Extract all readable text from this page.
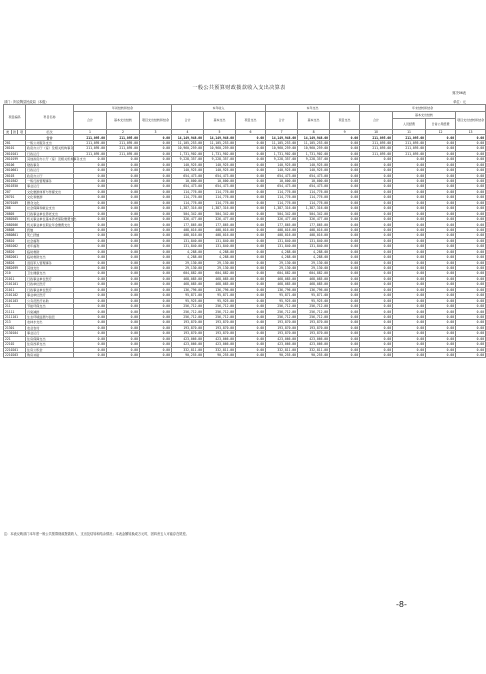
一般公共预算财政拨款收入支出决算表
财决06表
部门：阿克陶县民政局（本级）	单位：元
项目编码			科目名称	年初结转和结余			本年收入			本年支出			年末结转和结余			
				合计	基本支出结转	项目支出结转和结余	合计	基本支出	项目支出	合计	基本支出	项目支出	合计	基本支出结转		项目支出结转和结余
														人员经费	日常公用经费	
类	款	项	栏次	1	2	3	4	5	6	7	8	9	10	11	12	13
			合计	211,095.00	211,095.00	0.00	14,149,948.00	14,149,948.00	0.00	14,149,948.00	14,149,948.00	0.00	211,095.00	211,095.00	0.00	0.00
201			一般公共服务支出	211,095.00	211,095.00	0.00	11,105,253.00	11,105,253.00	0.00	11,105,253.00	11,105,253.00	0.00	211,095.00	211,095.00	0.00	0.00
20101			政府办公厅（室）及相关机构事务	211,095.00	211,095.00	0.00	10,960,259.00	10,960,259.00	0.00	10,960,259.00	10,960,259.00	0.00	211,095.00	211,095.00	0.00	0.00
2010101			行政运行	211,095.00	211,095.00	0.00	1,731,902.00	1,731,902.00	0.00	1,731,902.00	1,731,902.00	0.00	211,095.00	211,095.00	0.00	0.00
2010199			其他政府办公厅（室）及相关机构事务支出	0.00	0.00	0.00	9,228,357.00	9,228,357.00	0.00	9,228,357.00	9,228,357.00	0.00	0.00	0.00	0.00	0.00
20106			财政事务	0.00	0.00	0.00	140,925.00	140,925.00	0.00	140,925.00	140,925.00	0.00	0.00	0.00	0.00	0.00
2010601			行政运行	0.00	0.00	0.00	140,925.00	140,925.00	0.00	140,925.00	140,925.00	0.00	0.00	0.00	0.00	0.00
20103			政府办公厅	0.00	0.00	0.00	654,473.00	654,473.00	0.00	654,473.00	654,473.00	0.00	0.00	0.00	0.00	0.00
2010302			一般行政管理事务	0.00	0.00	0.00	10,000.00	10,000.00	0.00	10,000.00	10,000.00	0.00	0.00	0.00	0.00	0.00
2010350			事业运行	0.00	0.00	0.00	654,473.00	654,473.00	0.00	654,473.00	654,473.00	0.00	0.00	0.00	0.00	0.00
207			文化旅游体育与传媒支出	0.00	0.00	0.00	114,776.00	114,776.00	0.00	114,776.00	114,776.00	0.00	0.00	0.00	0.00	0.00
20701			文化和旅游	0.00	0.00	0.00	114,776.00	114,776.00	0.00	114,776.00	114,776.00	0.00	0.00	0.00	0.00	0.00
2070109			群众文化	0.00	0.00	0.00	114,776.00	114,776.00	0.00	114,776.00	114,776.00	0.00	0.00	0.00	0.00	0.00
208			社会保障和就业支出	0.00	0.00	0.00	1,387,316.00	1,387,316.00	0.00	1,387,316.00	1,387,316.00	0.00	0.00	0.00	0.00	0.00
20805			行政事业单位养老支出	0.00	0.00	0.00	504,342.00	504,342.00	0.00	504,342.00	504,342.00	0.00	0.00	0.00	0.00	0.00
2080505			机关事业单位基本养老保险缴费支出	0.00	0.00	0.00	326,477.00	326,477.00	0.00	326,477.00	326,477.00	0.00	0.00	0.00	0.00	0.00
2080506			机关事业单位职业年金缴费支出	0.00	0.00	0.00	177,865.00	177,865.00	0.00	177,865.00	177,865.00	0.00	0.00	0.00	0.00	0.00
20808			抚恤	0.00	0.00	0.00	408,016.00	408,016.00	0.00	408,016.00	408,016.00	0.00	0.00	0.00	0.00	0.00
2080801			死亡抚恤	0.00	0.00	0.00	408,016.00	408,016.00	0.00	408,016.00	408,016.00	0.00	0.00	0.00	0.00	0.00
20810			社会福利	0.00	0.00	0.00	131,840.00	131,840.00	0.00	131,840.00	131,840.00	0.00	0.00	0.00	0.00	0.00
2081002			老年福利	0.00	0.00	0.00	131,840.00	131,840.00	0.00	131,840.00	131,840.00	0.00	0.00	0.00	0.00	0.00
20820			临时救助	0.00	0.00	0.00	4,288.00	4,288.00	0.00	4,288.00	4,288.00	0.00	0.00	0.00	0.00	0.00
2082001			临时救助支出	0.00	0.00	0.00	4,288.00	4,288.00	0.00	4,288.00	4,288.00	0.00	0.00	0.00	0.00	0.00
20826			退役军人管理事务	0.00	0.00	0.00	29,130.00	29,130.00	0.00	29,130.00	29,130.00	0.00	0.00	0.00	0.00	0.00
2082699			其他支出	0.00	0.00	0.00	29,130.00	29,130.00	0.00	29,130.00	29,130.00	0.00	0.00	0.00	0.00	0.00
210			卫生健康支出	0.00	0.00	0.00	604,882.00	604,882.00	0.00	604,882.00	604,882.00	0.00	0.00	0.00	0.00	0.00
21011			行政事业单位医疗	0.00	0.00	0.00	468,085.00	468,085.00	0.00	468,085.00	468,085.00	0.00	0.00	0.00	0.00	0.00
2101101			行政单位医疗	0.00	0.00	0.00	468,085.00	468,085.00	0.00	468,085.00	468,085.00	0.00	0.00	0.00	0.00	0.00
21011			行政事业单位医疗	0.00	0.00	0.00	136,796.00	136,796.00	0.00	136,796.00	136,796.00	0.00	0.00	0.00	0.00	0.00
2101102			事业单位医疗	0.00	0.00	0.00	95,871.00	95,871.00	0.00	95,871.00	95,871.00	0.00	0.00	0.00	0.00	0.00
2101103			公务员医疗补助	0.00	0.00	0.00	95,925.00	95,925.00	0.00	95,925.00	95,925.00	0.00	0.00	0.00	0.00	0.00
211			节能环保支出	0.00	0.00	0.00	256,712.00	256,712.00	0.00	256,712.00	256,712.00	0.00	0.00	0.00	0.00	0.00
21111			污染减排	0.00	0.00	0.00	256,712.00	256,712.00	0.00	256,712.00	256,712.00	0.00	0.00	0.00	0.00	0.00
2111101			生态环境监测与信息	0.00	0.00	0.00	256,712.00	256,712.00	0.00	256,712.00	256,712.00	0.00	0.00	0.00	0.00	0.00
213			农林水支出	0.00	0.00	0.00	193,870.00	193,870.00	0.00	193,870.00	193,870.00	0.00	0.00	0.00	0.00	0.00
21301			农业农村	0.00	0.00	0.00	193,870.00	193,870.00	0.00	193,870.00	193,870.00	0.00	0.00	0.00	0.00	0.00
2130104			事业运行	0.00	0.00	0.00	193,870.00	193,870.00	0.00	193,870.00	193,870.00	0.00	0.00	0.00	0.00	0.00
221			住房保障支出	0.00	0.00	0.00	423,066.00	423,066.00	0.00	423,066.00	423,066.00	0.00	0.00	0.00	0.00	0.00
22102			住房改革支出	0.00	0.00	0.00	423,066.00	423,066.00	0.00	423,066.00	423,066.00	0.00	0.00	0.00	0.00	0.00
2210201			住房公积金	0.00	0.00	0.00	332,811.00	332,811.00	0.00	332,811.00	332,811.00	0.00	0.00	0.00	0.00	0.00
2210203			购房补贴	0.00	0.00	0.00	90,255.00	90,255.00	0.00	90,255.00	90,255.00	0.00	0.00	0.00	0.00	0.00
注：本表反映部门本年度一般公共预算财政拨款收入、支出及结转和结余情况；本表金额转换成万元时，因四舍五入可能存在尾差。
-8-
